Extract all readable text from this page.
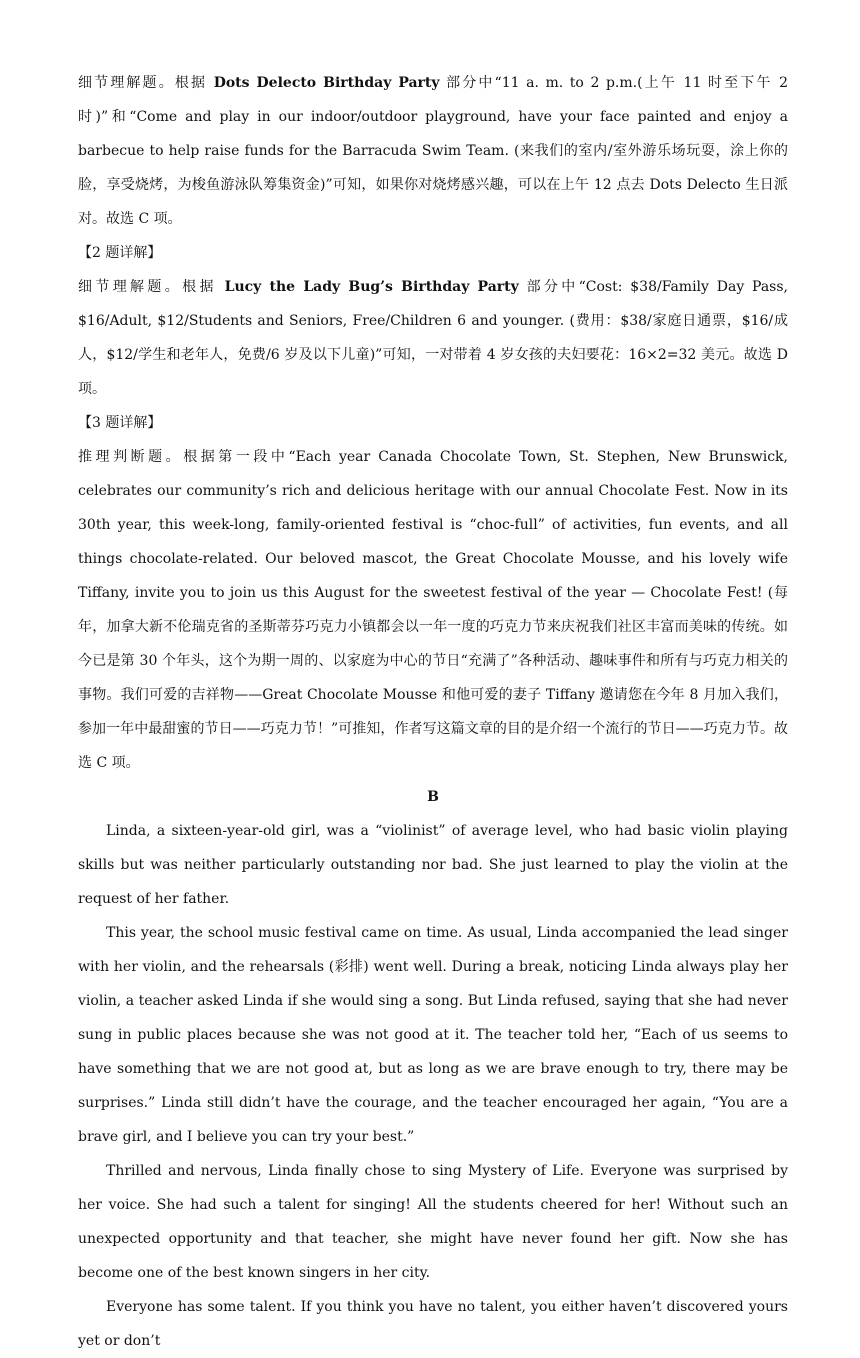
细节理解题。根据 Dots Delecto Birthday Party 部分中“11 a. m. to 2 p.m.(上午 11 时至下午 2 时)”和“Come and play in our indoor/outdoor playground, have your face painted and enjoy a barbecue to help raise funds for the Barracuda Swim Team. (来我们的室内/室外游乐场玩耍，涂上你的脸，享受烧烤，为梭鱼游泳队筹集资金)”可知，如果你对烧烤感兴趣，可以在上午 12 点去 Dots Delecto 生日派对。故选 C 项。

【2 题详解】

细节理解题。根据 Lucy the Lady Bug’s Birthday Party 部分中“Cost: $38/Family Day Pass, $16/Adult, $12/Students and Seniors, Free/Children 6 and younger. (费用：$38/家庭日通票，$16/成人，$12/学生和老年人，免费/6 岁及以下儿童)”可知，一对带着 4 岁女孩的夫妇要花：16×2=32 美元。故选 D 项。

【3 题详解】

推理判断题。根据第一段中“Each year Canada Chocolate Town, St. Stephen, New Brunswick, celebrates our community’s rich and delicious heritage with our annual Chocolate Fest. Now in its 30th year, this week-long, family-oriented festival is “choc-full” of activities, fun events, and all things chocolate-related. Our beloved mascot, the Great Chocolate Mousse, and his lovely wife Tiffany, invite you to join us this August for the sweetest festival of the year — Chocolate Fest! (每年，加拿大新不伦瑞克省的圣斯蒂芬巧克力小镇都会以一年一度的巧克力节来庆祝我们社区丰富而美味的传统。如今已是第 30 个年头，这个为期一周的、以家庭为中心的节日“充满了”各种活动、趣味事件和所有与巧克力相关的事物。我们可爱的吉祥物——Great Chocolate Mousse 和他可爱的妻子 Tiffany 邀请您在今年 8 月加入我们，参加一年中最甜蜜的节日——巧克力节！”可推知，作者写这篇文章的目的是介绍一个流行的节日——巧克力节。故选 C 项。

B

Linda, a sixteen-year-old girl, was a “violinist” of average level, who had basic violin playing skills but was neither particularly outstanding nor bad. She just learned to play the violin at the request of her father.

This year, the school music festival came on time. As usual, Linda accompanied the lead singer with her violin, and the rehearsals (彩排) went well. During a break, noticing Linda always play her violin, a teacher asked Linda if she would sing a song. But Linda refused, saying that she had never sung in public places because she was not good at it. The teacher told her, “Each of us seems to have something that we are not good at, but as long as we are brave enough to try, there may be surprises.” Linda still didn’t have the courage, and the teacher encouraged her again, “You are a brave girl, and I believe you can try your best.”

Thrilled and nervous, Linda finally chose to sing Mystery of Life. Everyone was surprised by her voice. She had such a talent for singing! All the students cheered for her! Without such an unexpected opportunity and that teacher, she might have never found her gift. Now she has become one of the best known singers in her city.

Everyone has some talent. If you think you have no talent, you either haven’t discovered yours yet or don’t
